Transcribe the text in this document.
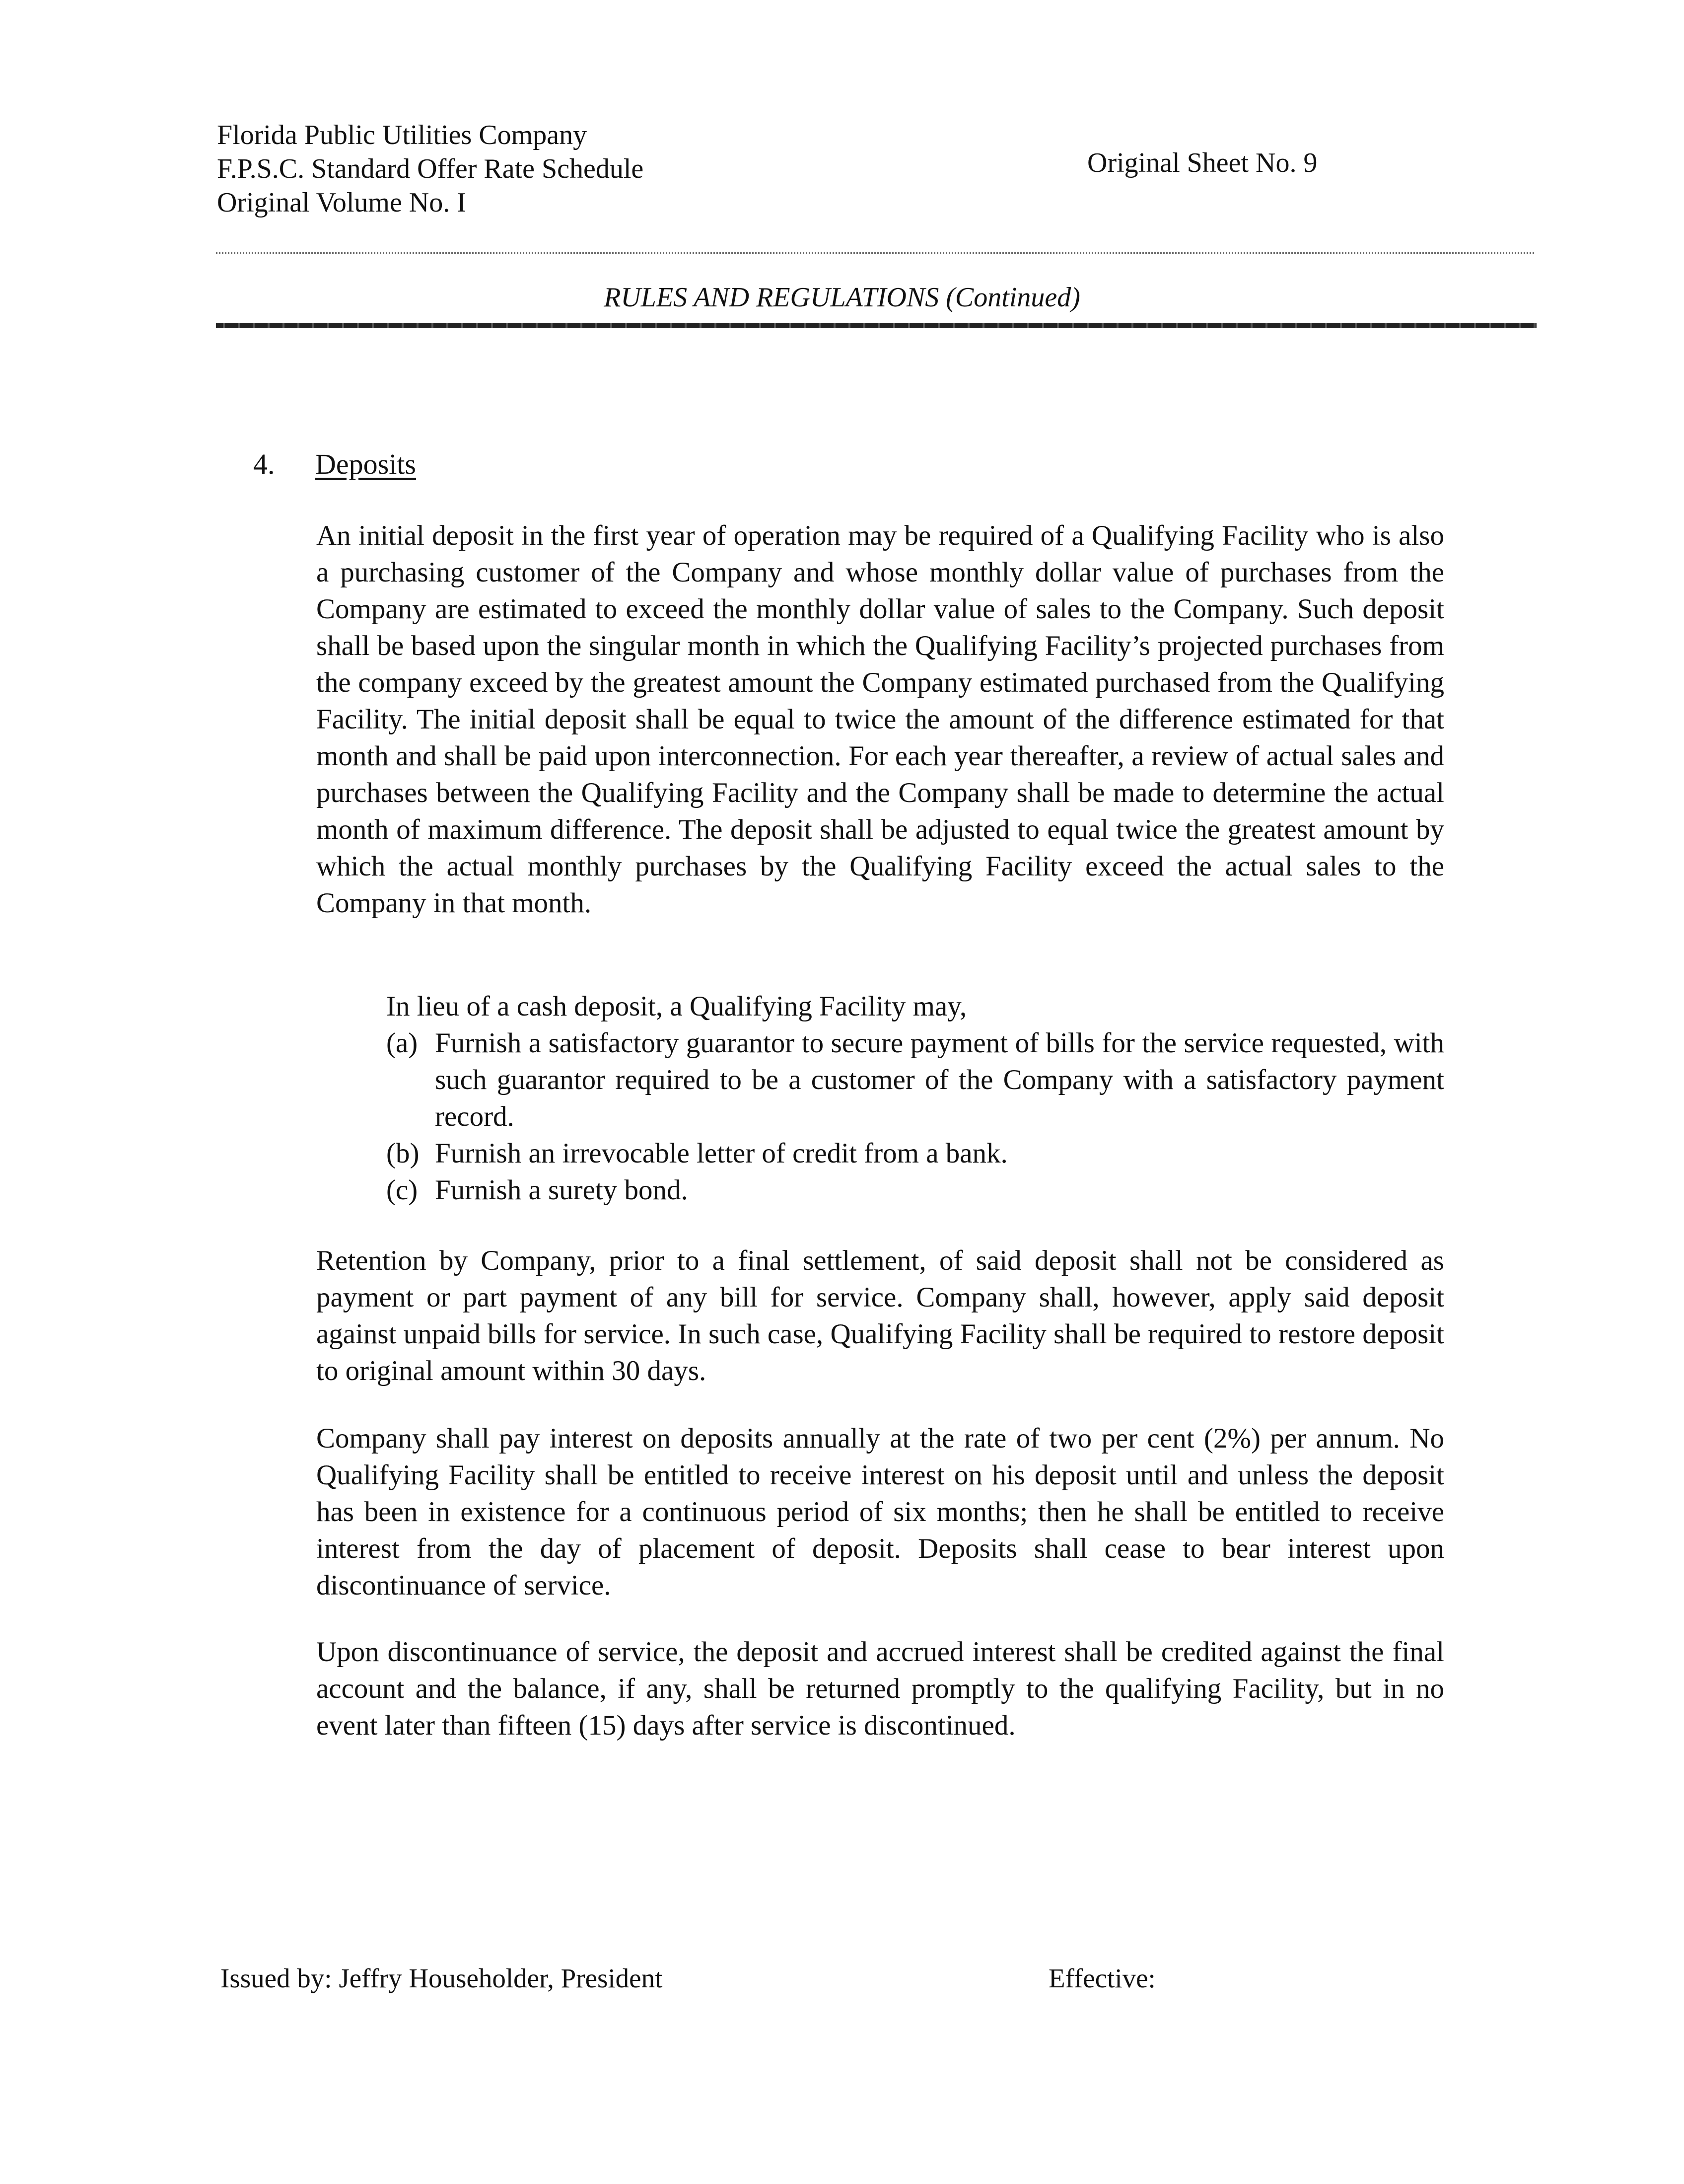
Florida Public Utilities Company
F.P.S.C. Standard Offer Rate Schedule
Original Volume No. I
Original Sheet No. 9
RULES AND REGULATIONS (Continued)
4. Deposits

An initial deposit in the first year of operation may be required of a Qualifying Facility who is also a purchasing customer of the Company and whose monthly dollar value of purchases from the Company are estimated to exceed the monthly dollar value of sales to the Company. Such deposit shall be based upon the singular month in which the Qualifying Facility’s projected purchases from the company exceed by the greatest amount the Company estimated purchased from the Qualifying Facility. The initial deposit shall be equal to twice the amount of the difference estimated for that month and shall be paid upon interconnection. For each year thereafter, a review of actual sales and purchases between the Qualifying Facility and the Company shall be made to determine the actual month of maximum difference. The deposit shall be adjusted to equal twice the greatest amount by which the actual monthly purchases by the Qualifying Facility exceed the actual sales to the Company in that month.

In lieu of a cash deposit, a Qualifying Facility may,

(a) Furnish a satisfactory guarantor to secure payment of bills for the service requested, with such guarantor required to be a customer of the Company with a satisfactory payment record.
(b) Furnish an irrevocable letter of credit from a bank.
(c) Furnish a surety bond.

Retention by Company, prior to a final settlement, of said deposit shall not be considered as payment or part payment of any bill for service. Company shall, however, apply said deposit against unpaid bills for service. In such case, Qualifying Facility shall be required to restore deposit to original amount within 30 days.

Company shall pay interest on deposits annually at the rate of two per cent (2%) per annum. No Qualifying Facility shall be entitled to receive interest on his deposit until and unless the deposit has been in existence for a continuous period of six months; then he shall be entitled to receive interest from the day of placement of deposit. Deposits shall cease to bear interest upon discontinuance of service.

Upon discontinuance of service, the deposit and accrued interest shall be credited against the final account and the balance, if any, shall be returned promptly to the qualifying Facility, but in no event later than fifteen (15) days after service is discontinued.

Issued by: Jeffry Householder, President	Effective:
